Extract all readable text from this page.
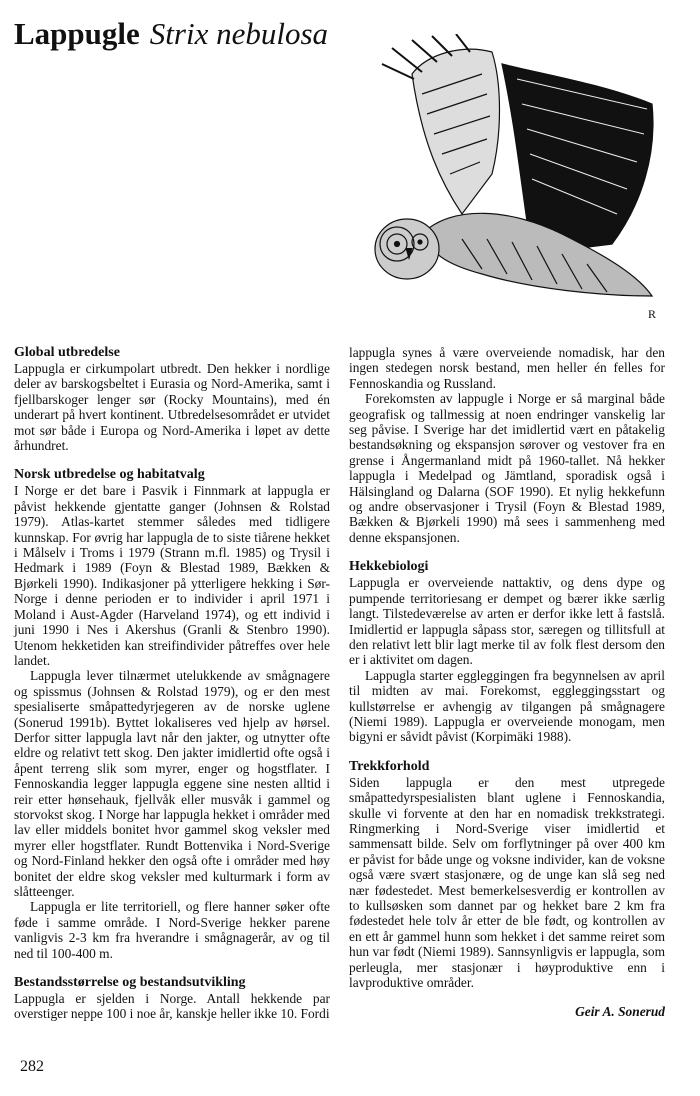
Lappugle Strix nebulosa
R
Global utbredelse

Lappugla er cirkumpolart utbredt. Den hekker i nordlige deler av barskogsbeltet i Eurasia og Nord-Amerika, samt i fjellbarskoger lenger sør (Rocky Mountains), med én underart på hvert kontinent. Utbredelsesområdet er utvidet mot sør både i Europa og Nord-Amerika i løpet av dette århundret.

Norsk utbredelse og habitatvalg

I Norge er det bare i Pasvik i Finnmark at lappugla er påvist hekkende gjentatte ganger (Johnsen & Rolstad 1979). Atlas-kartet stemmer således med tidligere kunnskap. For øvrig har lappugla de to siste tiårene hekket i Målselv i Troms i 1979 (Strann m.fl. 1985) og Trysil i Hedmark i 1989 (Foyn & Blestad 1989, Bækken & Bjørkeli 1990). Indikasjoner på ytterligere hekking i Sør-Norge i denne perioden er to individer i april 1971 i Moland i Aust-Agder (Harveland 1974), og ett individ i juni 1990 i Nes i Akershus (Granli & Stenbro 1990). Utenom hekketiden kan streifindivider påtreffes over hele landet.

Lappugla lever tilnærmet utelukkende av smågnagere og spissmus (Johnsen & Rolstad 1979), og er den mest spesialiserte småpattedyrjegeren av de norske uglene (Sonerud 1991b). Byttet lokaliseres ved hjelp av hørsel. Derfor sitter lappugla lavt når den jakter, og utnytter ofte eldre og relativt tett skog. Den jakter imidlertid ofte også i åpent terreng slik som myrer, enger og hogstflater. I Fennoskandia legger lappugla eggene sine nesten alltid i reir etter hønsehauk, fjellvåk eller musvåk i gammel og storvokst skog. I Norge har lappugla hekket i områder med lav eller middels bonitet hvor gammel skog veksler med myrer eller hogstflater. Rundt Bottenvika i Nord-Sverige og Nord-Finland hekker den også ofte i områder med høy bonitet der eldre skog veksler med kulturmark i form av slåtteenger.

Lappugla er lite territoriell, og flere hanner søker ofte føde i samme område. I Nord-Sverige hekker parene vanligvis 2-3 km fra hverandre i smågnagerår, av og til ned til 100-400 m.

Bestandsstørrelse og bestandsutvikling

Lappugla er sjelden i Norge. Antall hekkende par overstiger neppe 100 i noe år, kanskje heller ikke 10. Fordi

lappugla synes å være overveiende nomadisk, har den ingen stedegen norsk bestand, men heller én felles for Fennoskandia og Russland.

Forekomsten av lappugle i Norge er så marginal både geografisk og tallmessig at noen endringer vanskelig lar seg påvise. I Sverige har det imidlertid vært en påtakelig bestandsøkning og ekspansjon sørover og vestover fra en grense i Ångermanland midt på 1960-tallet. Nå hekker lappugla i Medelpad og Jämtland, sporadisk også i Hälsingland og Dalarna (SOF 1990). Et nylig hekkefunn og andre observasjoner i Trysil (Foyn & Blestad 1989, Bækken & Bjørkeli 1990) må sees i sammenheng med denne ekspansjonen.

Hekkebiologi

Lappugla er overveiende nattaktiv, og dens dype og pumpende territoriesang er dempet og bærer ikke særlig langt. Tilstedeværelse av arten er derfor ikke lett å fastslå. Imidlertid er lappugla såpass stor, særegen og tillitsfull at den relativt lett blir lagt merke til av folk flest dersom den er i aktivitet om dagen.

Lappugla starter eggleggingen fra begynnelsen av april til midten av mai. Forekomst, eggleggingsstart og kullstørrelse er avhengig av tilgangen på smågnagere (Niemi 1989). Lappugla er overveiende monogam, men bigyni er såvidt påvist (Korpimäki 1988).

Trekkforhold

Siden lappugla er den mest utpregede småpattedyrspesialisten blant uglene i Fennoskandia, skulle vi forvente at den har en nomadisk trekkstrategi. Ringmerking i Nord-Sverige viser imidlertid et sammensatt bilde. Selv om forflytninger på over 400 km er påvist for både unge og voksne individer, kan de voksne også være svært stasjonære, og de unge kan slå seg ned nær fødestedet. Mest bemerkelsesverdig er kontrollen av to kullsøsken som dannet par og hekket bare 2 km fra fødestedet hele tolv år etter de ble født, og kontrollen av en ett år gammel hunn som hekket i det samme reiret som hun var født (Niemi 1989). Sannsynligvis er lappugla, som perleugla, mer stasjonær i høyproduktive enn i lavproduktive områder.

Geir A. Sonerud
282
